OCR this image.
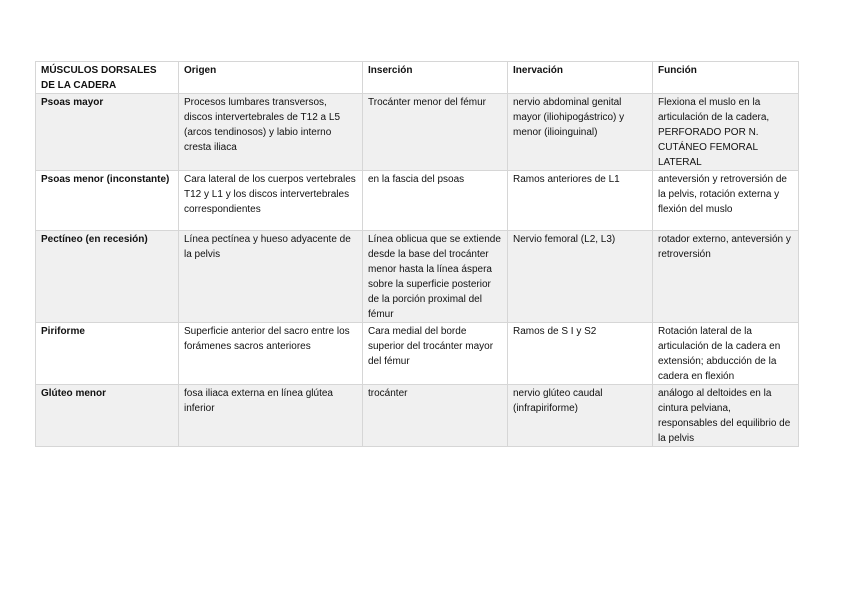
MÚSCULOS DORSALES DE LA CADERA	Origen	Inserción	Inervación	Función
Psoas mayor	Procesos lumbares transversos, discos intervertebrales de T12 a L5 (arcos tendinosos) y labio interno cresta iliaca	Trocánter menor del fémur	nervio abdominal genital mayor (iliohipogástrico) y menor (ilioinguinal)	Flexiona el muslo en la articulación de la cadera, PERFORADO POR N. CUTÁNEO FEMORAL LATERAL
Psoas menor (inconstante)	Cara lateral de los cuerpos vertebrales T12 y L1 y los discos intervertebrales correspondientes	en la fascia del psoas	Ramos anteriores de L1	anteversión y retroversión de la pelvis, rotación externa y flexión del muslo
Pectíneo (en recesión)	Línea pectínea y hueso adyacente de la pelvis	Línea oblicua que se extiende desde la base del trocánter menor hasta la línea áspera sobre la superficie posterior de la porción proximal del fémur	Nervio femoral (L2, L3)	rotador externo, anteversión y retroversión
Piriforme	Superficie anterior del sacro entre los forámenes sacros anteriores	Cara medial del borde superior del trocánter mayor del fémur	Ramos de S I y S2	Rotación lateral de la articulación de la cadera en extensión; abducción de la cadera en flexión
Glúteo menor	fosa iliaca externa en línea glútea inferior	trocánter	nervio glúteo caudal (infrapiriforme)	análogo al deltoides en la cintura pelviana, responsables del equilibrio de la pelvis
